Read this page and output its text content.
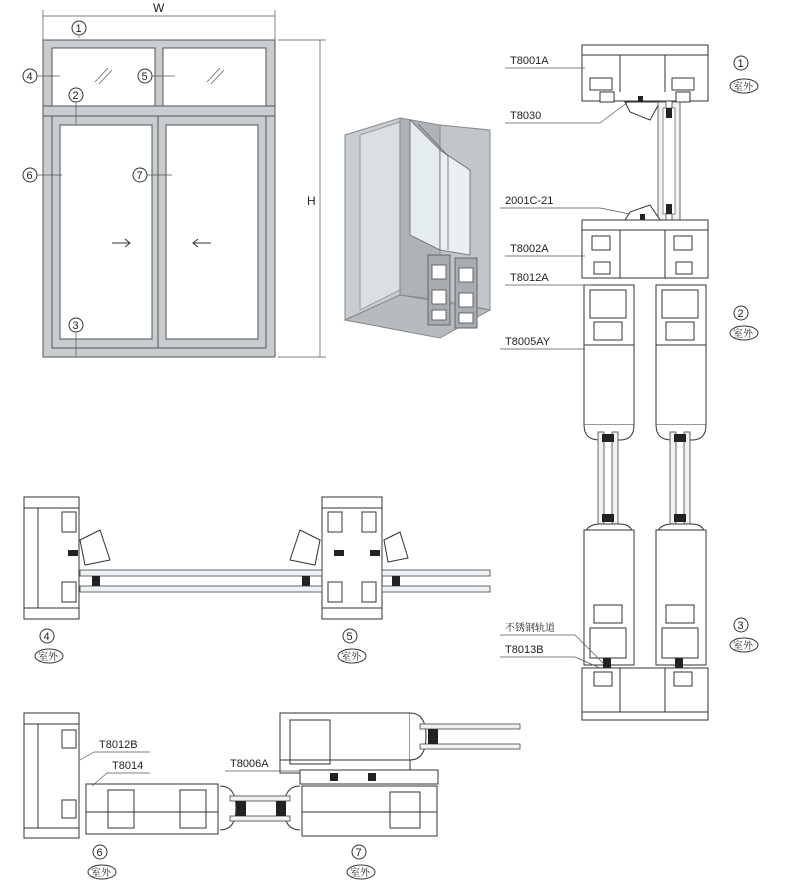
W
H
1
2
3
4	5
6	7
T8001A
T8030
2001C-21
T8002A
T8012A
T8005AY
不锈钢轨道
T8013B
1
室外
2
室外
3
室外
4
室外
5
室外
T8012B
T8014	T8006A
6
室外
7
室外
